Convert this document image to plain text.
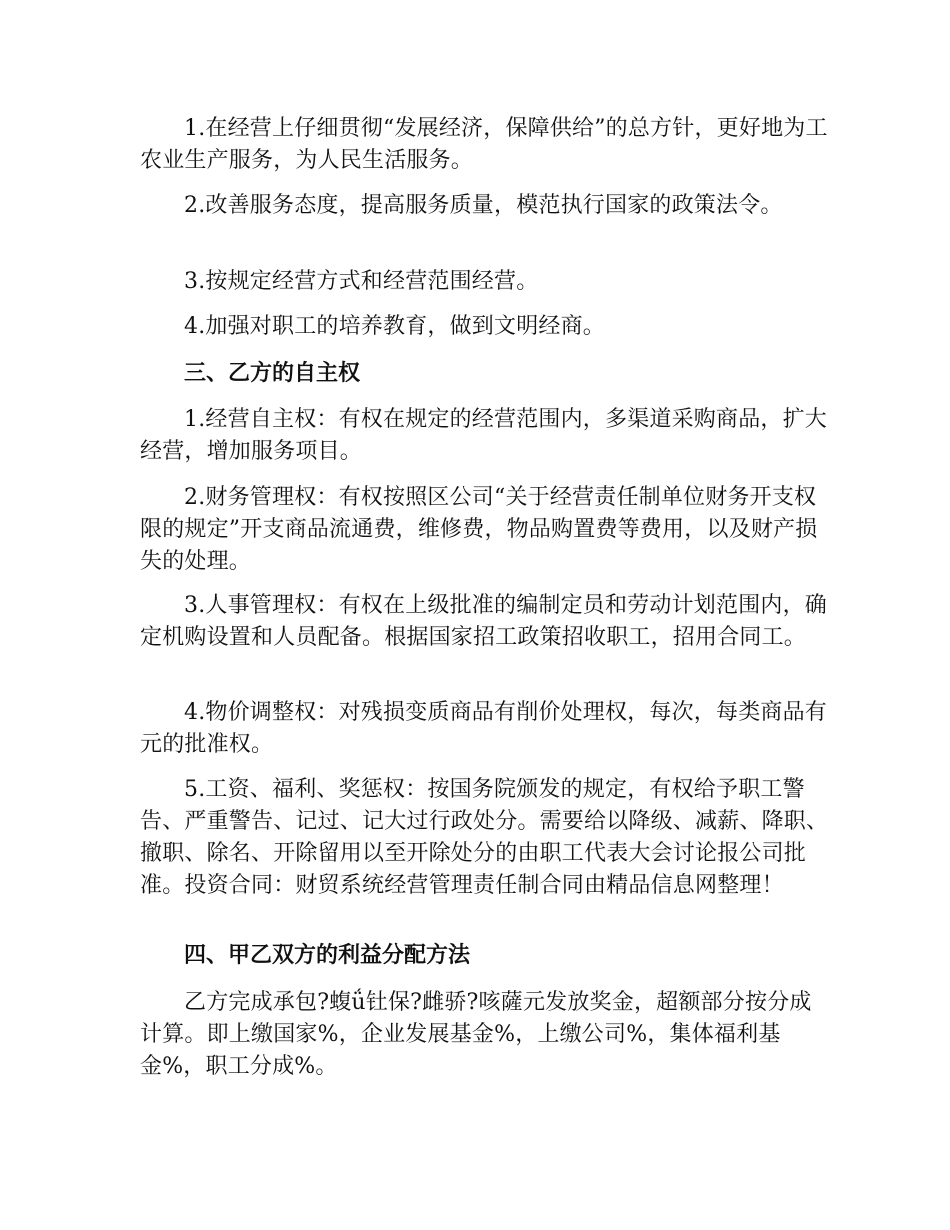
1.在经营上仔细贯彻“发展经济，保障供给”的总方针，更好地为工农业生产服务，为人民生活服务。

2.改善服务态度，提高服务质量，模范执行国家的政策法令。

3.按规定经营方式和经营范围经营。

4.加强对职工的培养教育，做到文明经商。

三、乙方的自主权

1.经营自主权：有权在规定的经营范围内，多渠道采购商品，扩大经营，增加服务项目。

2.财务管理权：有权按照区公司“关于经营责任制单位财务开支权限的规定”开支商品流通费，维修费，物品购置费等费用，以及财产损失的处理。

3.人事管理权：有权在上级批准的编制定员和劳动计划范围内，确定机购设置和人员配备。根据国家招工政策招收职工，招用合同工。

4.物价调整权：对残损变质商品有削价处理权，每次，每类商品有元的批准权。

5.工资、福利、奖惩权：按国务院颁发的规定，有权给予职工警告、严重警告、记过、记大过行政处分。需要给以降级、减薪、降职、撤职、除名、开除留用以至开除处分的由职工代表大会讨论报公司批准。投资合同：财贸系统经营管理责任制合同由精品信息网整理！

四、甲乙双方的利益分配方法

乙方完成承包?蝮ǘ钍保?雌骄?咳薩元发放奖金，超额部分按分成计算。即上缴国家%，企业发展基金%，上缴公司%，集体福利基金%，职工分成%。
